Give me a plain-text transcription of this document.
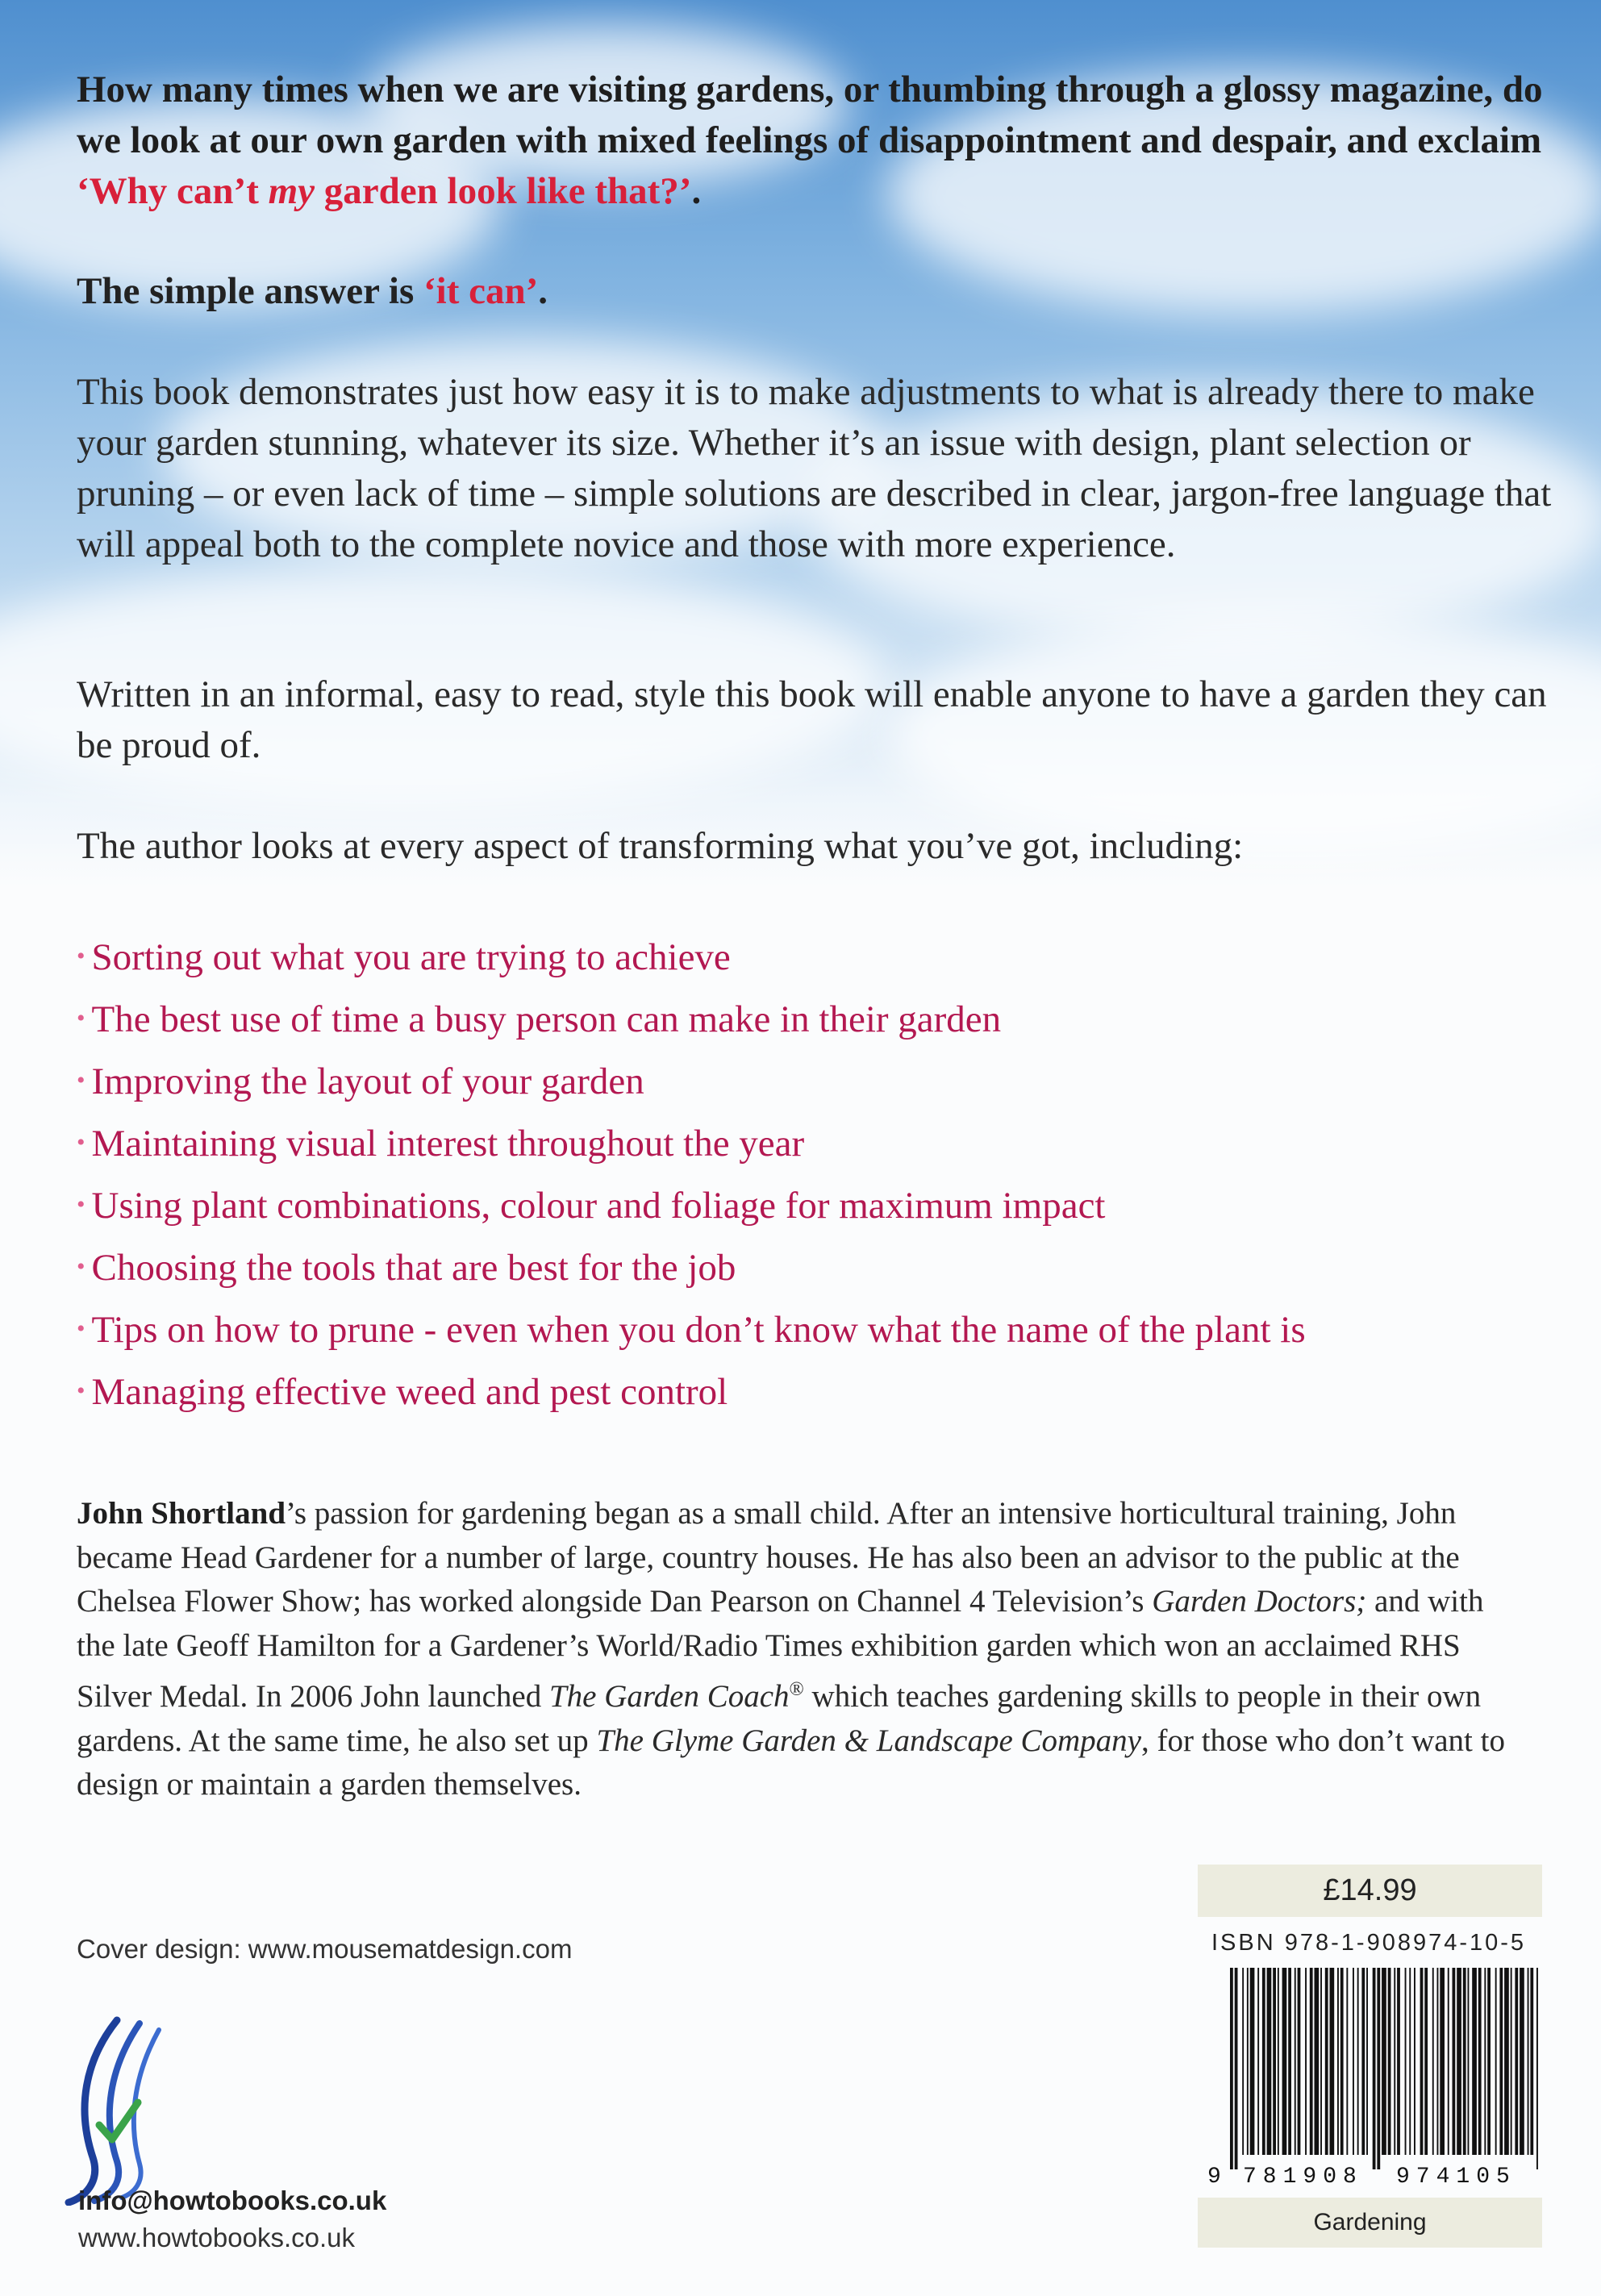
How many times when we are visiting gardens, or thumbing through a glossy magazine, do we look at our own garden with mixed feelings of disappointment and despair, and exclaim ‘Why can’t my garden look like that?’.

The simple answer is ‘it can’.

This book demonstrates just how easy it is to make adjustments to what is already there to make your garden stunning, whatever its size. Whether it’s an issue with design, plant selection or pruning – or even lack of time – simple solutions are described in clear, jargon-free language that will appeal both to the complete novice and those with more experience.

Written in an informal, easy to read, style this book will enable anyone to have a garden they can be proud of.

The author looks at every aspect of transforming what you’ve got, including:

• Sorting out what you are trying to achieve
• The best use of time a busy person can make in their garden
• Improving the layout of your garden
• Maintaining visual interest throughout the year
• Using plant combinations, colour and foliage for maximum impact
• Choosing the tools that are best for the job
• Tips on how to prune - even when you don’t know what the name of the plant is
• Managing effective weed and pest control

John Shortland’s passion for gardening began as a small child. After an intensive horticultural training, John became Head Gardener for a number of large, country houses. He has also been an advisor to the public at the Chelsea Flower Show; has worked alongside Dan Pearson on Channel 4 Television’s Garden Doctors; and with the late Geoff Hamilton for a Gardener’s World/Radio Times exhibition garden which won an acclaimed RHS Silver Medal. In 2006 John launched The Garden Coach® which teaches gardening skills to people in their own gardens. At the same time, he also set up The Glyme Garden & Landscape Company, for those who don’t want to design or maintain a garden themselves.

Cover design: www.mousematdesign.com
info@howtobooks.co.uk
www.howtobooks.co.uk
£14.99
ISBN 978-1-908974-10-5
9 781908 974105
Gardening
